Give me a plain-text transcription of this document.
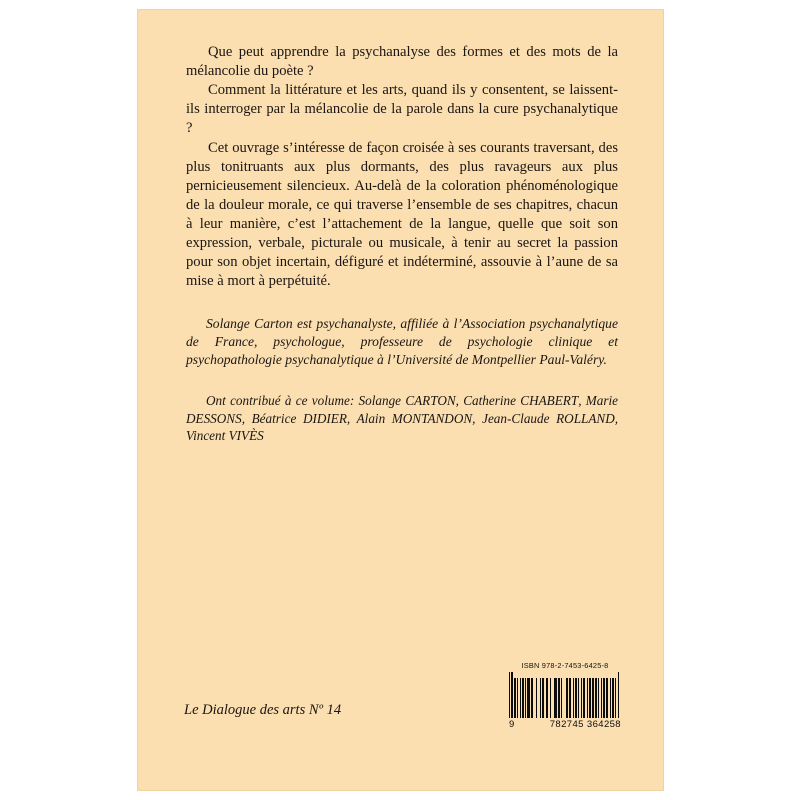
Que peut apprendre la psychanalyse des formes et des mots de la mélancolie du poète ?

Comment la littérature et les arts, quand ils y consentent, se laissent-ils interroger par la mélancolie de la parole dans la cure psychanalytique ?

Cet ouvrage s’intéresse de façon croisée à ses courants traversant, des plus tonitruants aux plus dormants, des plus ravageurs aux plus pernicieusement silencieux. Au-delà de la coloration phénoménologique de la douleur morale, ce qui traverse l’ensemble de ses chapitres, chacun à leur manière, c’est l’attachement de la langue, quelle que soit son expression, verbale, picturale ou musicale, à tenir au secret la passion pour son objet incertain, défiguré et indéterminé, assouvie à l’aune de sa mise à mort à perpétuité.

Solange Carton est psychanalyste, affiliée à l’Association psychanalytique de France, psychologue, professeure de psychologie clinique et psychopathologie psychanalytique à l’Université de Montpellier Paul-Valéry.

Ont contribué à ce volume: Solange CARTON, Catherine CHABERT, Marie DESSONS, Béatrice DIDIER, Alain MONTANDON, Jean-Claude ROLLAND, Vincent VIVÈS

Le Dialogue des arts Nº 14
ISBN 978-2-7453-6425-8
9	782745 364258
